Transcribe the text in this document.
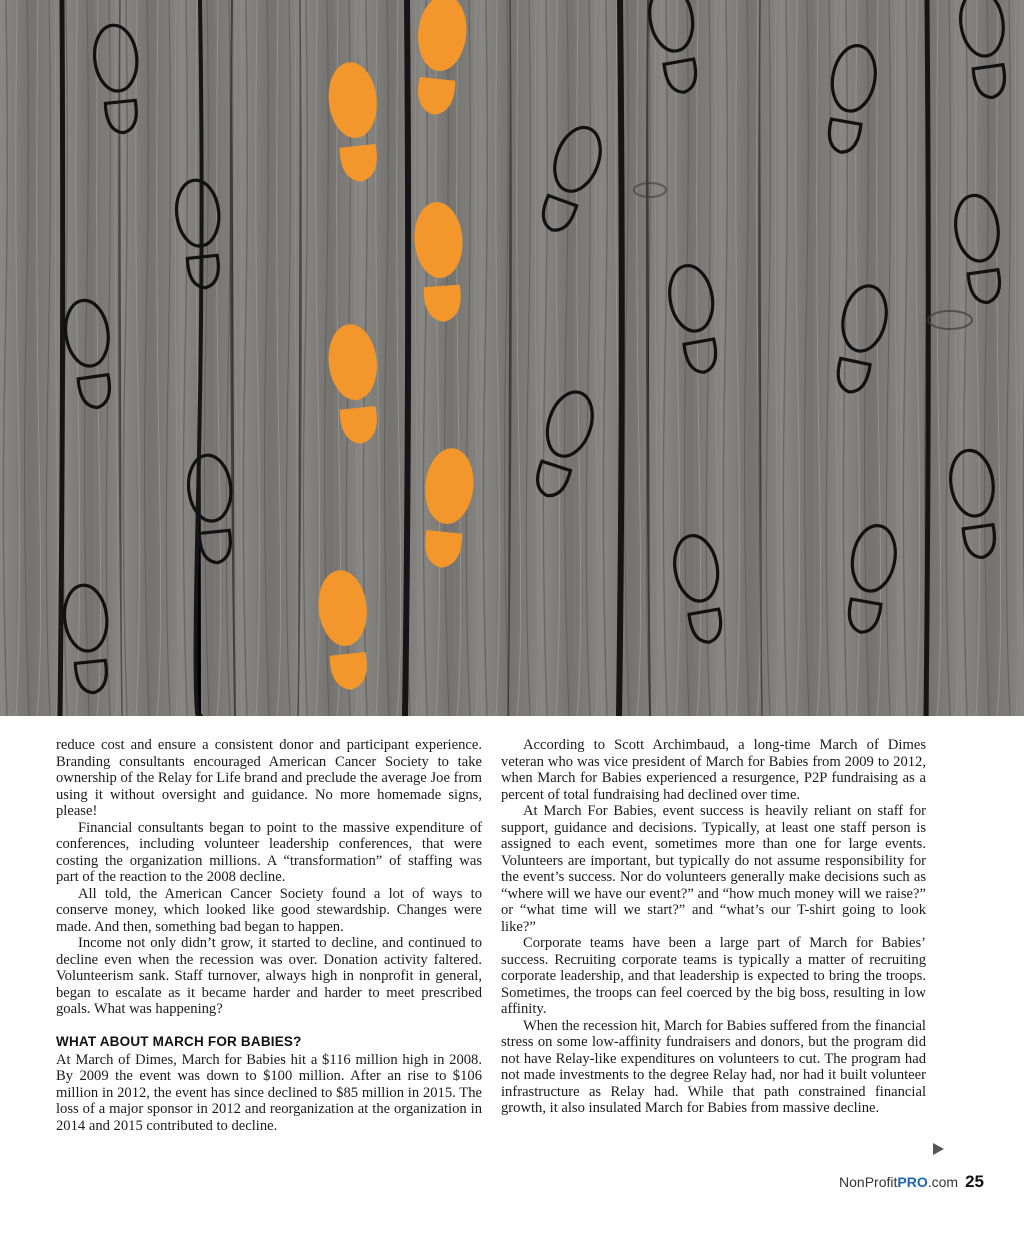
reduce cost and ensure a consistent donor and participant experience. Branding consultants encouraged American Cancer Society to take ownership of the Relay for Life brand and preclude the average Joe from using it without oversight and guidance. No more homemade signs, please!

Financial consultants began to point to the massive expenditure of conferences, including volunteer leadership conferences, that were costing the organization millions. A “transformation” of staffing was part of the reaction to the 2008 decline.

All told, the American Cancer Society found a lot of ways to conserve money, which looked like good stewardship. Changes were made. And then, something bad began to happen.

Income not only didn’t grow, it started to decline, and continued to decline even when the recession was over. Donation activity faltered. Volunteerism sank. Staff turnover, always high in nonprofit in general, began to escalate as it became harder and harder to meet prescribed goals. What was happening?

WHAT ABOUT MARCH FOR BABIES?

At March of Dimes, March for Babies hit a $116 million high in 2008. By 2009 the event was down to $100 million. After an rise to $106 million in 2012, the event has since declined to $85 million in 2015. The loss of a major sponsor in 2012 and reorganization at the organization in 2014 and 2015 contributed to decline.

According to Scott Archimbaud, a long-time March of Dimes veteran who was vice president of March for Babies from 2009 to 2012, when March for Babies experienced a resurgence, P2P fundraising as a percent of total fundraising had declined over time.

At March For Babies, event success is heavily reliant on staff for support, guidance and decisions. Typically, at least one staff person is assigned to each event, sometimes more than one for large events. Volunteers are important, but typically do not assume responsibility for the event’s success. Nor do volunteers generally make decisions such as “where will we have our event?” and “how much money will we raise?” or “what time will we start?” and “what’s our T-shirt going to look like?”

Corporate teams have been a large part of March for Babies’ success. Recruiting corporate teams is typically a matter of recruiting corporate leadership, and that leadership is expected to bring the troops. Sometimes, the troops can feel coerced by the big boss, resulting in low affinity.

When the recession hit, March for Babies suffered from the financial stress on some low-affinity fundraisers and donors, but the program did not have Relay-like expenditures on volunteers to cut. The program had not made investments to the degree Relay had, nor had it built volunteer infrastructure as Relay had. While that path constrained financial growth, it also insulated March for Babies from massive decline.

NonProfitPRO.com 25
